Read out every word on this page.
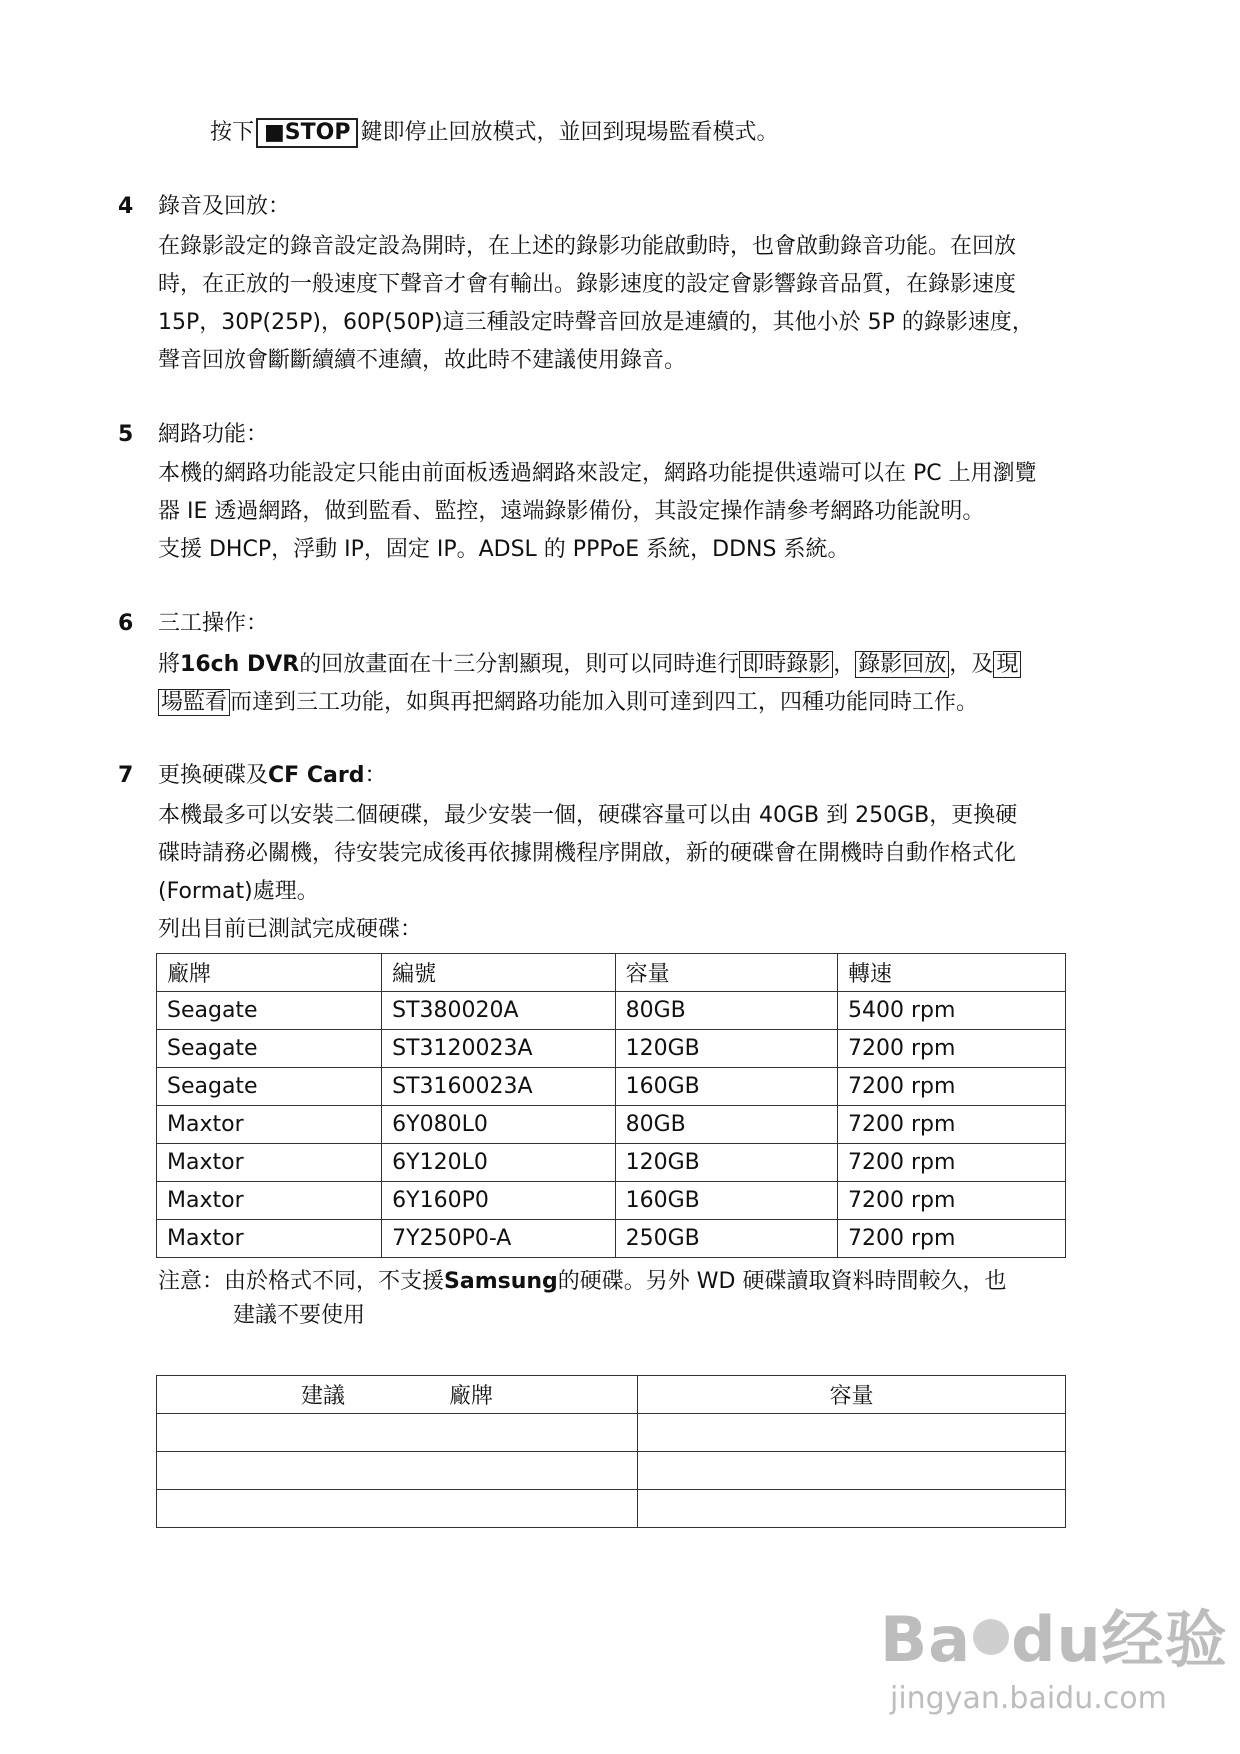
按下 ■STOP 鍵即停止回放模式，並回到現場監看模式。
4 錄音及回放：

在錄影設定的錄音設定設為開時，在上述的錄影功能啟動時，也會啟動錄音功能。在回放

時，在正放的一般速度下聲音才會有輸出。錄影速度的設定會影響錄音品質，在錄影速度

15P，30P(25P)，60P(50P)這三種設定時聲音回放是連續的，其他小於 5P 的錄影速度，

聲音回放會斷斷續續不連續，故此時不建議使用錄音。

5 網路功能：

本機的網路功能設定只能由前面板透過網路來設定，網路功能提供遠端可以在 PC 上用瀏覽

器 IE 透過網路，做到監看、監控，遠端錄影備份，其設定操作請參考網路功能說明。

支援 DHCP，浮動 IP，固定 IP。ADSL 的 PPPoE 系統，DDNS 系統。

6 三工操作：

將16ch DVR的回放畫面在十三分割顯現，則可以同時進行 即時錄影 ， 錄影回放 ，及 現

場監看 而達到三工功能，如與再把網路功能加入則可達到四工，四種功能同時工作。

7 更換硬碟及CF Card：

本機最多可以安裝二個硬碟，最少安裝一個，硬碟容量可以由 40GB 到 250GB，更換硬

碟時請務必關機，待安裝完成後再依據開機程序開啟，新的硬碟會在開機時自動作格式化

(Format)處理。

列出目前已測試完成硬碟：

廠牌	編號	容量	轉速
Seagate	ST380020A	80GB	5400 rpm
Seagate	ST3120023A	120GB	7200 rpm
Seagate	ST3160023A	160GB	7200 rpm
Maxtor	6Y080L0	80GB	7200 rpm
Maxtor	6Y120L0	120GB	7200 rpm
Maxtor	6Y160P0	160GB	7200 rpm
Maxtor	7Y250P0-A	250GB	7200 rpm
注意：由於格式不同，不支援Samsung的硬碟。另外 WD 硬碟讀取資料時間較久，也
建議不要使用
建議 廠牌	容量

Ba du经验
jingyan.baidu.com
